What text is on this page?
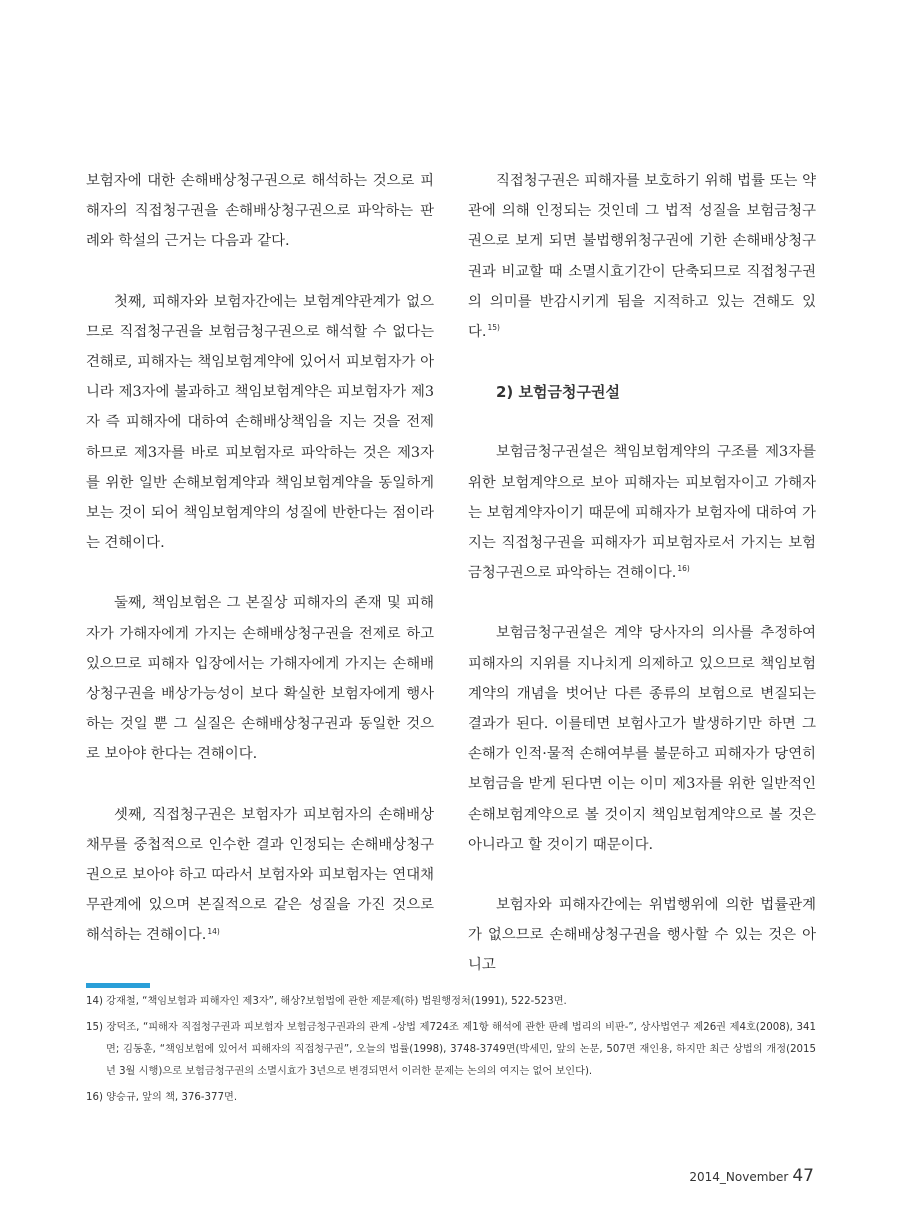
보험자에 대한 손해배상청구권으로 해석하는 것으로 피해자의 직접청구권을 손해배상청구권으로 파악하는 판례와 학설의 근거는 다음과 같다.

첫째, 피해자와 보험자간에는 보험계약관계가 없으므로 직접청구권을 보험금청구권으로 해석할 수 없다는 견해로, 피해자는 책임보험계약에 있어서 피보험자가 아니라 제3자에 불과하고 책임보험계약은 피보험자가 제3자 즉 피해자에 대하여 손해배상책임을 지는 것을 전제하므로 제3자를 바로 피보험자로 파악하는 것은 제3자를 위한 일반 손해보험계약과 책임보험계약을 동일하게 보는 것이 되어 책임보험계약의 성질에 반한다는 점이라는 견해이다.

둘째, 책임보험은 그 본질상 피해자의 존재 및 피해자가 가해자에게 가지는 손해배상청구권을 전제로 하고 있으므로 피해자 입장에서는 가해자에게 가지는 손해배상청구권을 배상가능성이 보다 확실한 보험자에게 행사하는 것일 뿐 그 실질은 손해배상청구권과 동일한 것으로 보아야 한다는 견해이다.

셋째, 직접청구권은 보험자가 피보험자의 손해배상채무를 중첩적으로 인수한 결과 인정되는 손해배상청구권으로 보아야 하고 따라서 보험자와 피보험자는 연대채무관계에 있으며 본질적으로 같은 성질을 가진 것으로 해석하는 견해이다.$^{14)}$

직접청구권은 피해자를 보호하기 위해 법률 또는 약관에 의해 인정되는 것인데 그 법적 성질을 보험금청구권으로 보게 되면 불법행위청구권에 기한 손해배상청구권과 비교할 때 소멸시효기간이 단축되므로 직접청구권의 의미를 반감시키게 됨을 지적하고 있는 견해도 있다.$^{15)}$

2) 보험금청구권설

보험금청구권설은 책임보험계약의 구조를 제3자를 위한 보험계약으로 보아 피해자는 피보험자이고 가해자는 보험계약자이기 때문에 피해자가 보험자에 대하여 가지는 직접청구권을 피해자가 피보험자로서 가지는 보험금청구권으로 파악하는 견해이다.$^{16)}$

보험금청구권설은 계약 당사자의 의사를 추정하여 피해자의 지위를 지나치게 의제하고 있으므로 책임보험계약의 개념을 벗어난 다른 종류의 보험으로 변질되는 결과가 된다. 이를테면 보험사고가 발생하기만 하면 그 손해가 인적·물적 손해여부를 불문하고 피해자가 당연히 보험금을 받게 된다면 이는 이미 제3자를 위한 일반적인 손해보험계약으로 볼 것이지 책임보험계약으로 볼 것은 아니라고 할 것이기 때문이다.

보험자와 피해자간에는 위법행위에 의한 법률관계가 없으므로 손해배상청구권을 행사할 수 있는 것은 아니고

14) 강재철, “책임보험과 피해자인 제3자”, 해상?보험법에 관한 제문제(하) 법원행정처(1991), 522-523면.
15) 장덕조, “피해자 직접청구권과 피보험자 보험금청구권과의 관계 -상법 제724조 제1항 해석에 관한 판례 법리의 비판-”, 상사법연구 제26권 제4호(2008), 341면; 김동훈, “책임보험에 있어서 피해자의 직접청구권”, 오늘의 법률(1998), 3748-3749면(박세민, 앞의 논문, 507면 재인용, 하지만 최근 상법의 개정(2015년 3월 시행)으로 보험금청구권의 소멸시효가 3년으로 변경되면서 이러한 문제는 논의의 여지는 없어 보인다).
16) 양승규, 앞의 책, 376-377면.
2014_November 47
